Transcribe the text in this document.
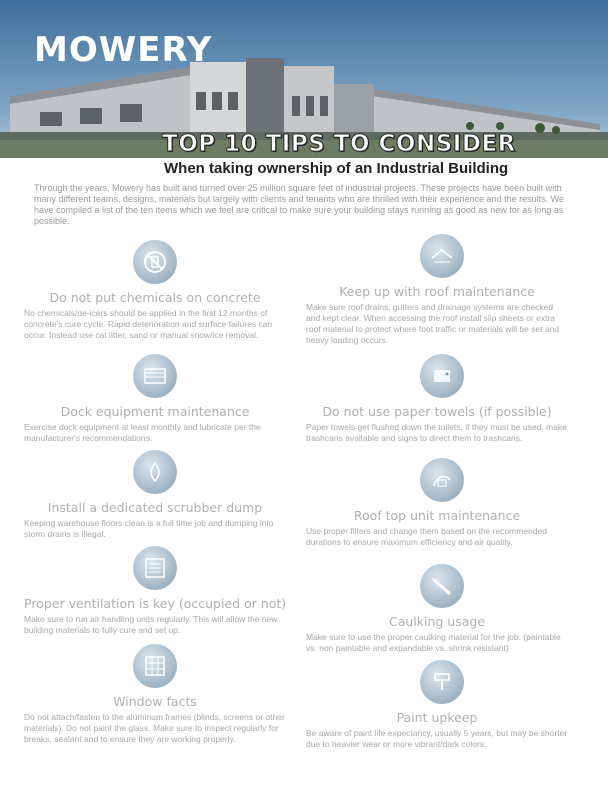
MOWERY
TOP 10 TIPS TO CONSIDER
When taking ownership of an Industrial Building
Through the years, Mowery has built and turned over 25 million square feet of industrial projects. These projects have been built with many different teams, designs, materials but largely with clients and tenants who are thrilled with their experience and the results. We have compiled a list of the ten items which we feel are critical to make sure your building stays running as good as new for as long as possible.
Do not put chemicals on concrete

No chemicals/de-icers should be applied in the first 12 months of concrete's cure cycle. Rapid deterioration and surface failures can occur. Instead use cat litter, sand or manual snow/ice removal.

Dock equipment maintenance

Exercise dock equipment at least monthly and lubricate per the manufacturer's recommendations.

Install a dedicated scrubber dump

Keeping warehouse floors clean is a full time job and dumping into storm drains is illegal.

Proper ventilation is key (occupied or not)

Make sure to run air handling units regularly. This will allow the new building materials to fully cure and set up.

Window facts

Do not attach/fasten to the aluminum frames (blinds, screens or other materials). Do not paint the glass. Make sure to inspect regularly for breaks, sealant and to ensure they are working properly.

Keep up with roof maintenance

Make sure roof drains, gutters and drainage systems are checked and kept clear. When accessing the roof install slip sheets or extra roof material to protect where foot traffic or materials will be set and heavy loading occurs.

Do not use paper towels (if possible)

Paper towels get flushed down the toilets, if they must be used, make trashcans available and signs to direct them to trashcans.

Roof top unit maintenance

Use proper filters and change them based on the recommended durations to ensure maximum efficiency and air quality.

Caulking usage

Make sure to use the proper caulking material for the job. (paintable vs. non paintable and expandable vs. shrink resistant)

Paint upkeep

Be aware of paint life expectancy, usually 5 years, but may be shorter due to heavier wear or more vibrant/dark colors.
